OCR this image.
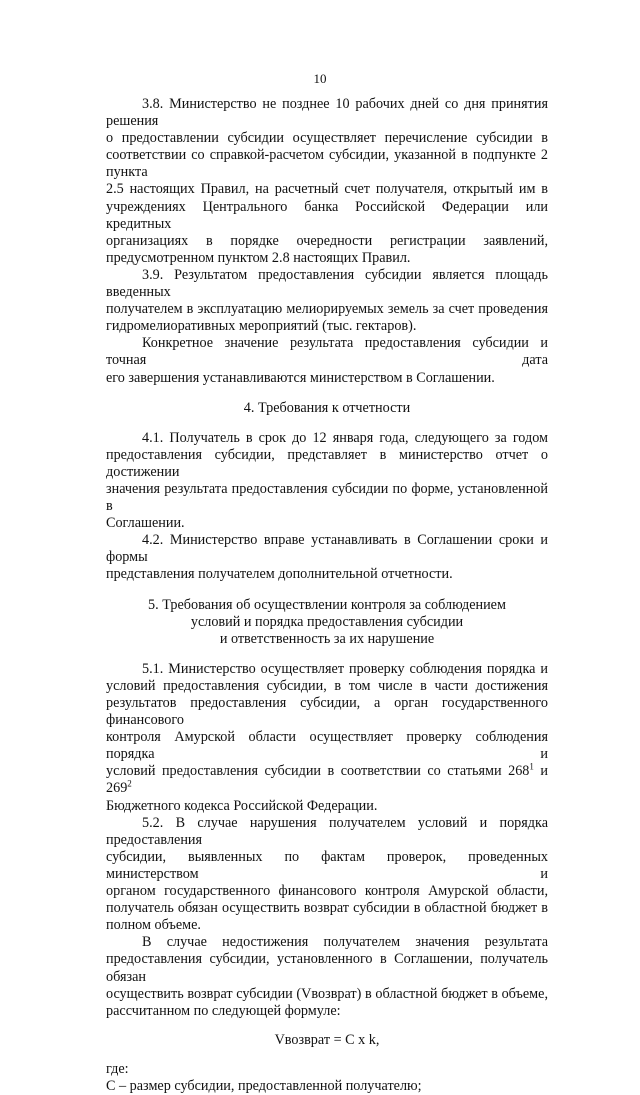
10

3.8. Министерство не позднее 10 рабочих дней со дня принятия решения

о предоставлении субсидии осуществляет перечисление субсидии в

соответствии со справкой-расчетом субсидии, указанной в подпункте 2 пункта

2.5 настоящих Правил, на расчетный счет получателя, открытый им в

учреждениях Центрального банка Российской Федерации или кредитных

организациях в порядке очередности регистрации заявлений,

предусмотренном пунктом 2.8 настоящих Правил.

3.9. Результатом предоставления субсидии является площадь введенных

получателем в эксплуатацию мелиорируемых земель за счет проведения

гидромелиоративных мероприятий (тыс. гектаров).

Конкретное значение результата предоставления субсидии и точная дата

его завершения устанавливаются министерством в Соглашении.

4. Требования к отчетности

4.1. Получатель в срок до 12 января года, следующего за годом

предоставления субсидии, представляет в министерство отчет о достижении

значения результата предоставления субсидии по форме, установленной в

Соглашении.

4.2. Министерство вправе устанавливать в Соглашении сроки и формы

представления получателем дополнительной отчетности.

5. Требования об осуществлении контроля за соблюдением

условий и порядка предоставления субсидии

и ответственность за их нарушение

5.1. Министерство осуществляет проверку соблюдения порядка и

условий предоставления субсидии, в том числе в части достижения

результатов предоставления субсидии, а орган государственного финансового

контроля Амурской области осуществляет проверку соблюдения порядка и

условий предоставления субсидии в соответствии со статьями $268^1$ и $269^2$

Бюджетного кодекса Российской Федерации.

5.2. В случае нарушения получателем условий и порядка предоставления

субсидии, выявленных по фактам проверок, проведенных министерством и

органом государственного финансового контроля Амурской области,

получатель обязан осуществить возврат субсидии в областной бюджет в

полном объеме.

В случае недостижения получателем значения результата

предоставления субсидии, установленного в Соглашении, получатель обязан

осуществить возврат субсидии (Vвозврат) в областной бюджет в объеме,

рассчитанном по следующей формуле:

Vвозврат = C x k,

где:

C – размер субсидии, предоставленной получателю;
